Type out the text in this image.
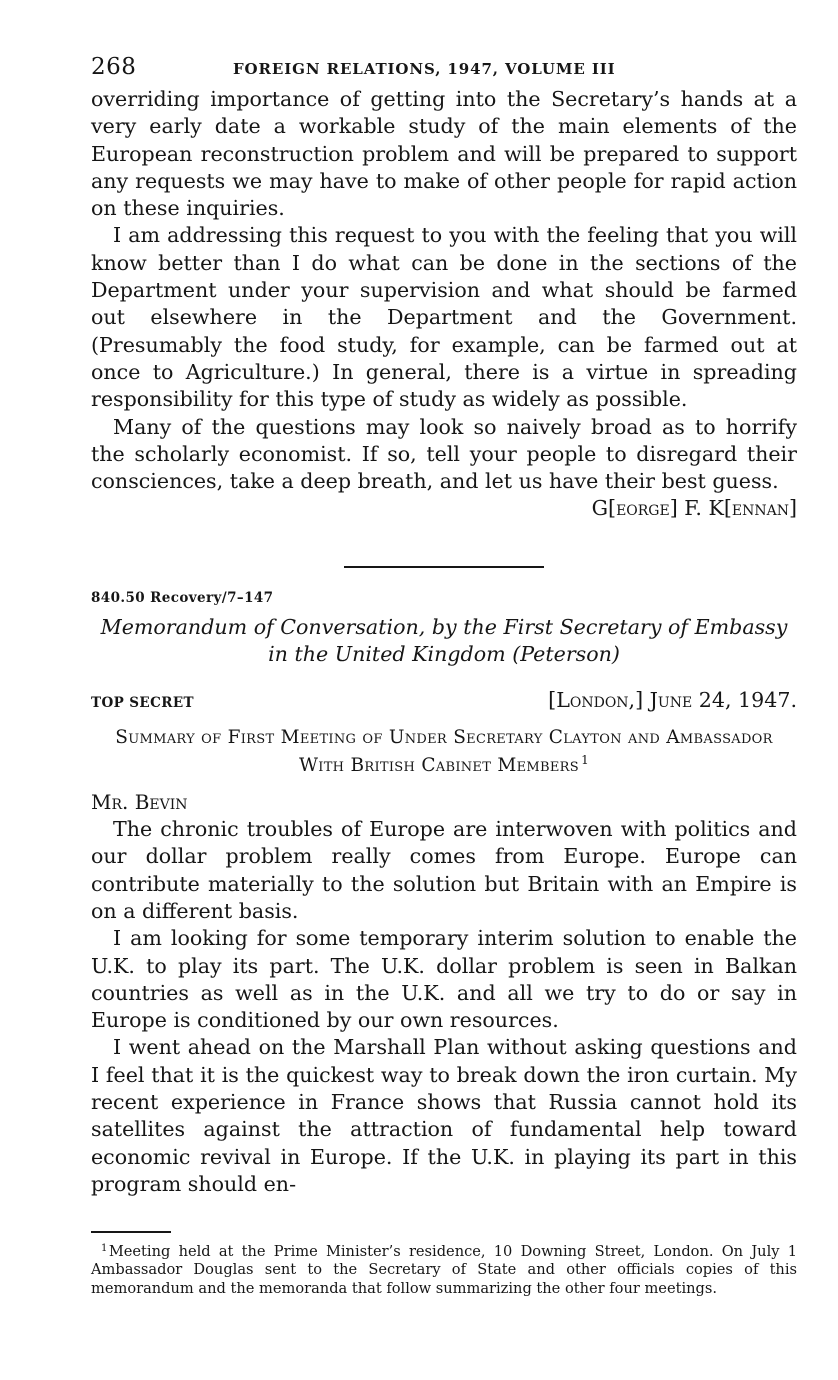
268	FOREIGN RELATIONS, 1947, VOLUME III

overriding importance of getting into the Secretary’s hands at a very early date a workable study of the main elements of the European reconstruction problem and will be prepared to support any requests we may have to make of other people for rapid action on these inquiries.

I am addressing this request to you with the feeling that you will know better than I do what can be done in the sections of the Department under your supervision and what should be farmed out elsewhere in the Department and the Government. (Presumably the food study, for example, can be farmed out at once to Agriculture.) In general, there is a virtue in spreading responsibility for this type of study as widely as possible.

Many of the questions may look so naively broad as to horrify the scholarly economist. If so, tell your people to disregard their consciences, take a deep breath, and let us have their best guess.

G[eorge] F. K[ennan]
840.50 Recovery/7–147
Memorandum of Conversation, by the First Secretary of Embassy in the United Kingdom (Peterson)
TOP SECRET	[London,] June 24, 1947.
Summary of First Meeting of Under Secretary Clayton and Ambassador With British Cabinet Members  $^1$
Mr. Bevin

The chronic troubles of Europe are interwoven with politics and our dollar problem really comes from Europe. Europe can contribute materially to the solution but Britain with an Empire is on a different basis.

I am looking for some temporary interim solution to enable the U.K. to play its part. The U.K. dollar problem is seen in Balkan countries as well as in the U.K. and all we try to do or say in Europe is conditioned by our own resources.

I went ahead on the Marshall Plan without asking questions and I feel that it is the quickest way to break down the iron curtain. My recent experience in France shows that Russia cannot hold its satellites against the attraction of fundamental help toward economic revival in Europe. If the U.K. in playing its part in this program should en-

$^1$ Meeting held at the Prime Minister’s residence, 10 Downing Street, London. On July 1 Ambassador Douglas sent to the Secretary of State and other officials copies of this memorandum and the memoranda that follow summarizing the other four meetings.
